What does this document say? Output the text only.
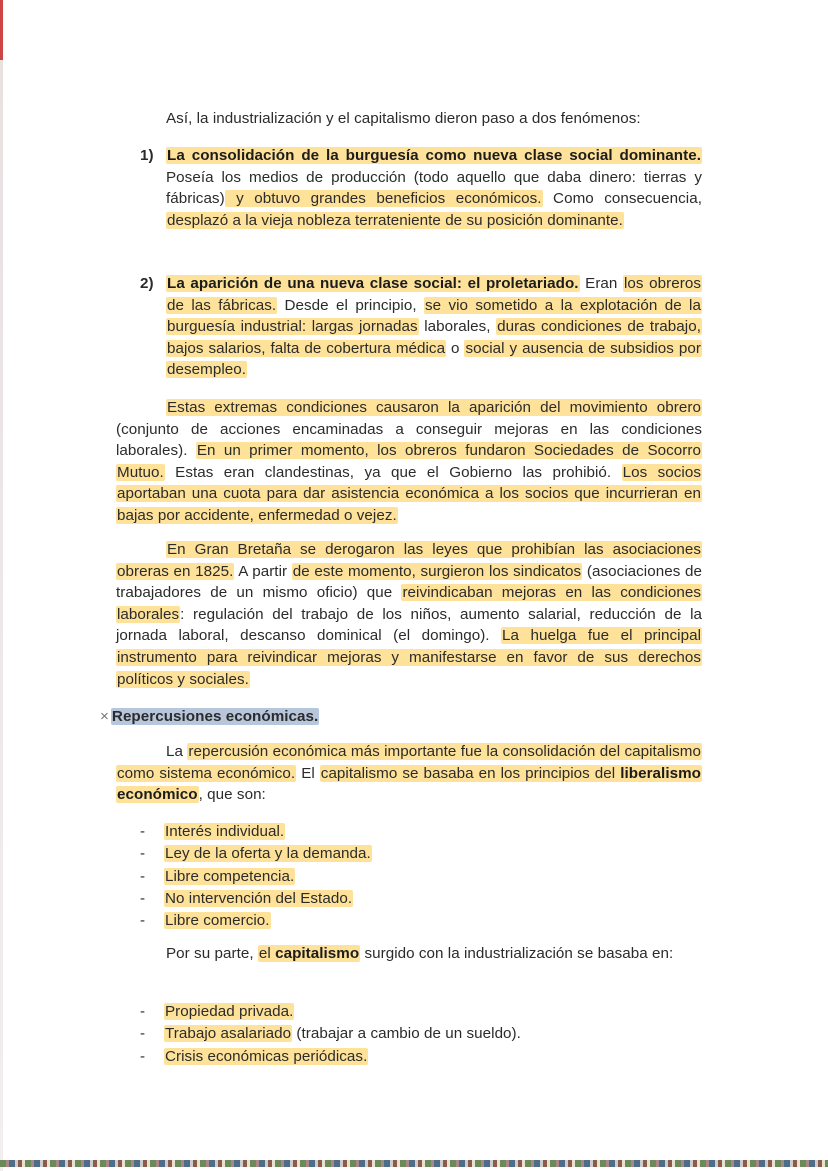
Así, la industrialización y el capitalismo dieron paso a dos fenómenos:

1) La consolidación de la burguesía como nueva clase social dominante. Poseía los medios de producción (todo aquello que daba dinero: tierras y fábricas) y obtuvo grandes beneficios económicos. Como consecuencia, desplazó a la vieja nobleza terrateniente de su posición dominante.
2) La aparición de una nueva clase social: el proletariado. Eran los obreros de las fábricas. Desde el principio, se vio sometido a la explotación de la burguesía industrial: largas jornadas laborales, duras condiciones de trabajo, bajos salarios, falta de cobertura médica o social y ausencia de subsidios por desempleo.

Estas extremas condiciones causaron la aparición del movimiento obrero (conjunto de acciones encaminadas a conseguir mejoras en las condiciones laborales). En un primer momento, los obreros fundaron Sociedades de Socorro Mutuo. Estas eran clandestinas, ya que el Gobierno las prohibió. Los socios aportaban una cuota para dar asistencia económica a los socios que incurrieran en bajas por accidente, enfermedad o vejez.

En Gran Bretaña se derogaron las leyes que prohibían las asociaciones obreras en 1825. A partir de este momento, surgieron los sindicatos (asociaciones de trabajadores de un mismo oficio) que reivindicaban mejoras en las condiciones laborales: regulación del trabajo de los niños, aumento salarial, reducción de la jornada laboral, descanso dominical (el domingo). La huelga fue el principal instrumento para reivindicar mejoras y manifestarse en favor de sus derechos políticos y sociales.

× Repercusiones económicas.

La repercusión económica más importante fue la consolidación del capitalismo como sistema económico. El capitalismo se basaba en los principios del liberalismo económico, que son:

- Interés individual.
- Ley de la oferta y la demanda.
- Libre competencia.
- No intervención del Estado.
- Libre comercio.

Por su parte, el capitalismo surgido con la industrialización se basaba en:

- Propiedad privada.
- Trabajo asalariado (trabajar a cambio de un sueldo).
- Crisis económicas periódicas.
